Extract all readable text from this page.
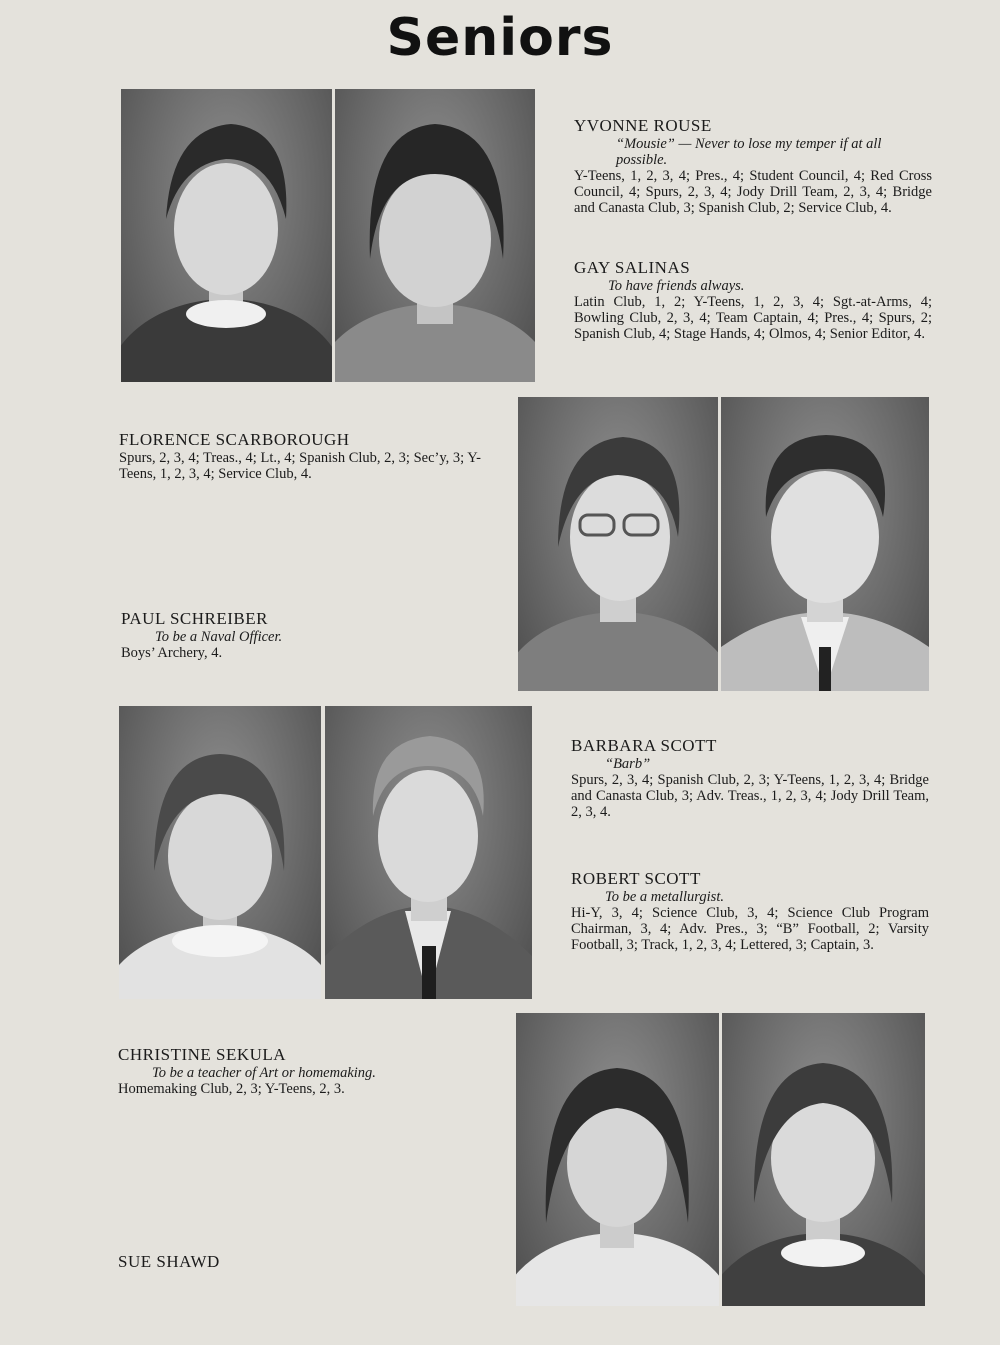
Seniors
YVONNE ROUSE
“Mousie” — Never to lose my temper if at all possible.
Y-Teens, 1, 2, 3, 4; Pres., 4; Student Council, 4; Red Cross Council, 4; Spurs, 2, 3, 4; Jody Drill Team, 2, 3, 4; Bridge and Canasta Club, 3; Spanish Club, 2; Service Club, 4.
GAY SALINAS
To have friends always.
Latin Club, 1, 2; Y-Teens, 1, 2, 3, 4; Sgt.-at-Arms, 4; Bowling Club, 2, 3, 4; Team Captain, 4; Pres., 4; Spurs, 2; Spanish Club, 4; Stage Hands, 4; Olmos, 4; Senior Editor, 4.
FLORENCE SCARBOROUGH
Spurs, 2, 3, 4; Treas., 4; Lt., 4; Spanish Club, 2, 3; Sec’y, 3; Y-Teens, 1, 2, 3, 4; Service Club, 4.
PAUL SCHREIBER
To be a Naval Officer.
Boys’ Archery, 4.
BARBARA SCOTT
“Barb”
Spurs, 2, 3, 4; Spanish Club, 2, 3; Y-Teens, 1, 2, 3, 4; Bridge and Canasta Club, 3; Adv. Treas., 1, 2, 3, 4; Jody Drill Team, 2, 3, 4.
ROBERT SCOTT
To be a metallurgist.
Hi-Y, 3, 4; Science Club, 3, 4; Science Club Program Chairman, 3, 4; Adv. Pres., 3; “B” Football, 2; Varsity Football, 3; Track, 1, 2, 3, 4; Lettered, 3; Captain, 3.
CHRISTINE SEKULA
To be a teacher of Art or homemaking.
Homemaking Club, 2, 3; Y-Teens, 2, 3.
SUE SHAWD
